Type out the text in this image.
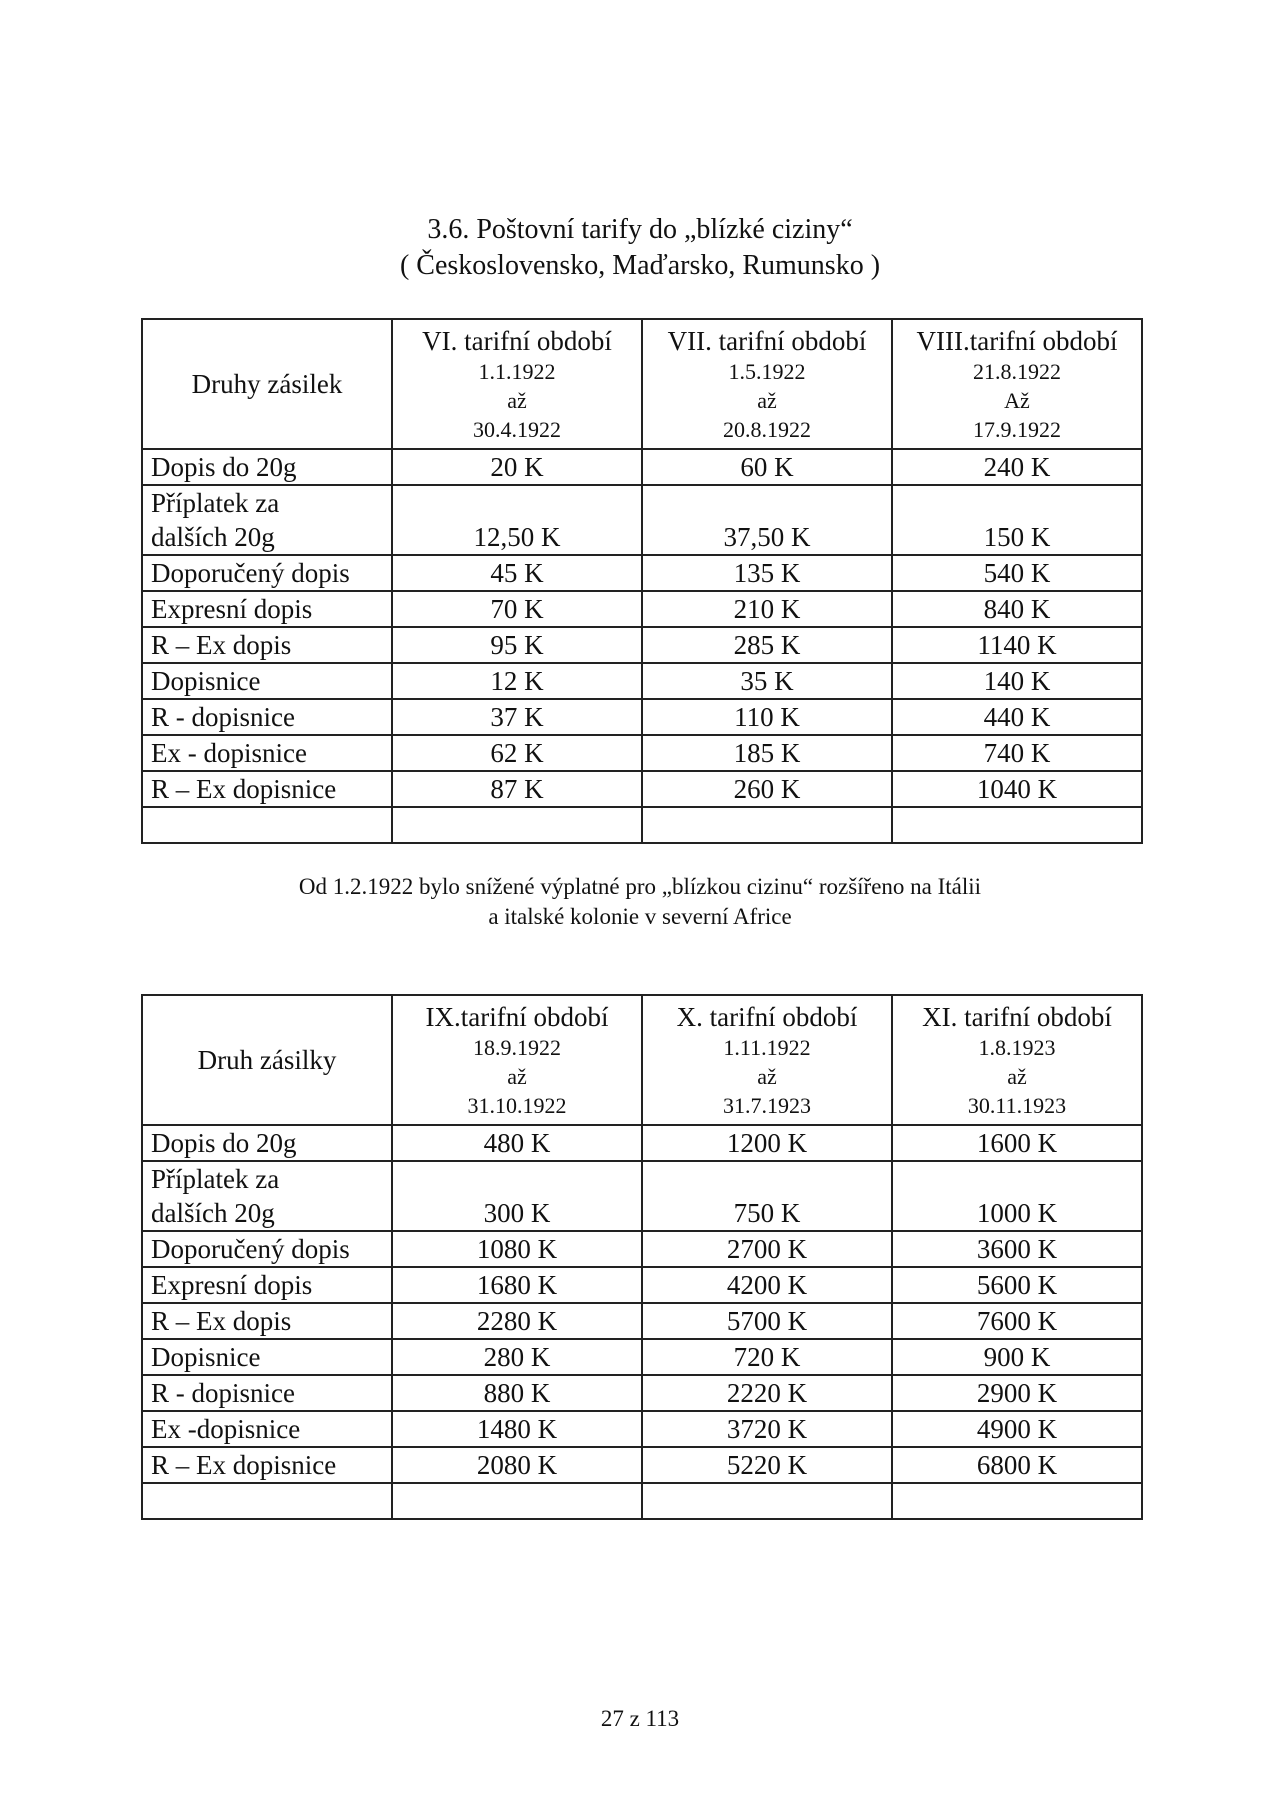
3.6. Poštovní tarify do „blízké ciziny“
( Československo, Maďarsko, Rumunsko )
Druhy zásilek	VI. tarifní období
1.1.1922
až
30.4.1922	VII. tarifní období
1.5.1922
až
20.8.1922	VIII.tarifní období
21.8.1922
Až
17.9.1922

Dopis do 20g	20 K	60 K	240 K

Příplatek za
dalších 20g	12,50 K	37,50 K	150 K
Doporučený dopis	45 K	135 K	540 K
Expresní dopis	70 K	210 K	840 K
R – Ex dopis	95 K	285 K	1140 K
Dopisnice	12 K	35 K	140 K
R - dopisnice	37 K	110 K	440 K
Ex - dopisnice	62 K	185 K	740 K
R – Ex dopisnice	87 K	260 K	1040 K

Od 1.2.1922 bylo snížené výplatné pro „blízkou cizinu“ rozšířeno na Itálii
a italské kolonie v severní Africe
Druh zásilky	IX.tarifní období
18.9.1922
až
31.10.1922	X. tarifní období
1.11.1922
až
31.7.1923	XI. tarifní období
1.8.1923
až
30.11.1923

Dopis do 20g	480 K	1200 K	1600 K

Příplatek za
dalších 20g	300 K	750 K	1000 K
Doporučený dopis	1080 K	2700 K	3600 K
Expresní dopis	1680 K	4200 K	5600 K
R – Ex dopis	2280 K	5700 K	7600 K
Dopisnice	280 K	720 K	900 K
R - dopisnice	880 K	2220 K	2900 K
Ex -dopisnice	1480 K	3720 K	4900 K
R – Ex dopisnice	2080 K	5220 K	6800 K

27 z 113
